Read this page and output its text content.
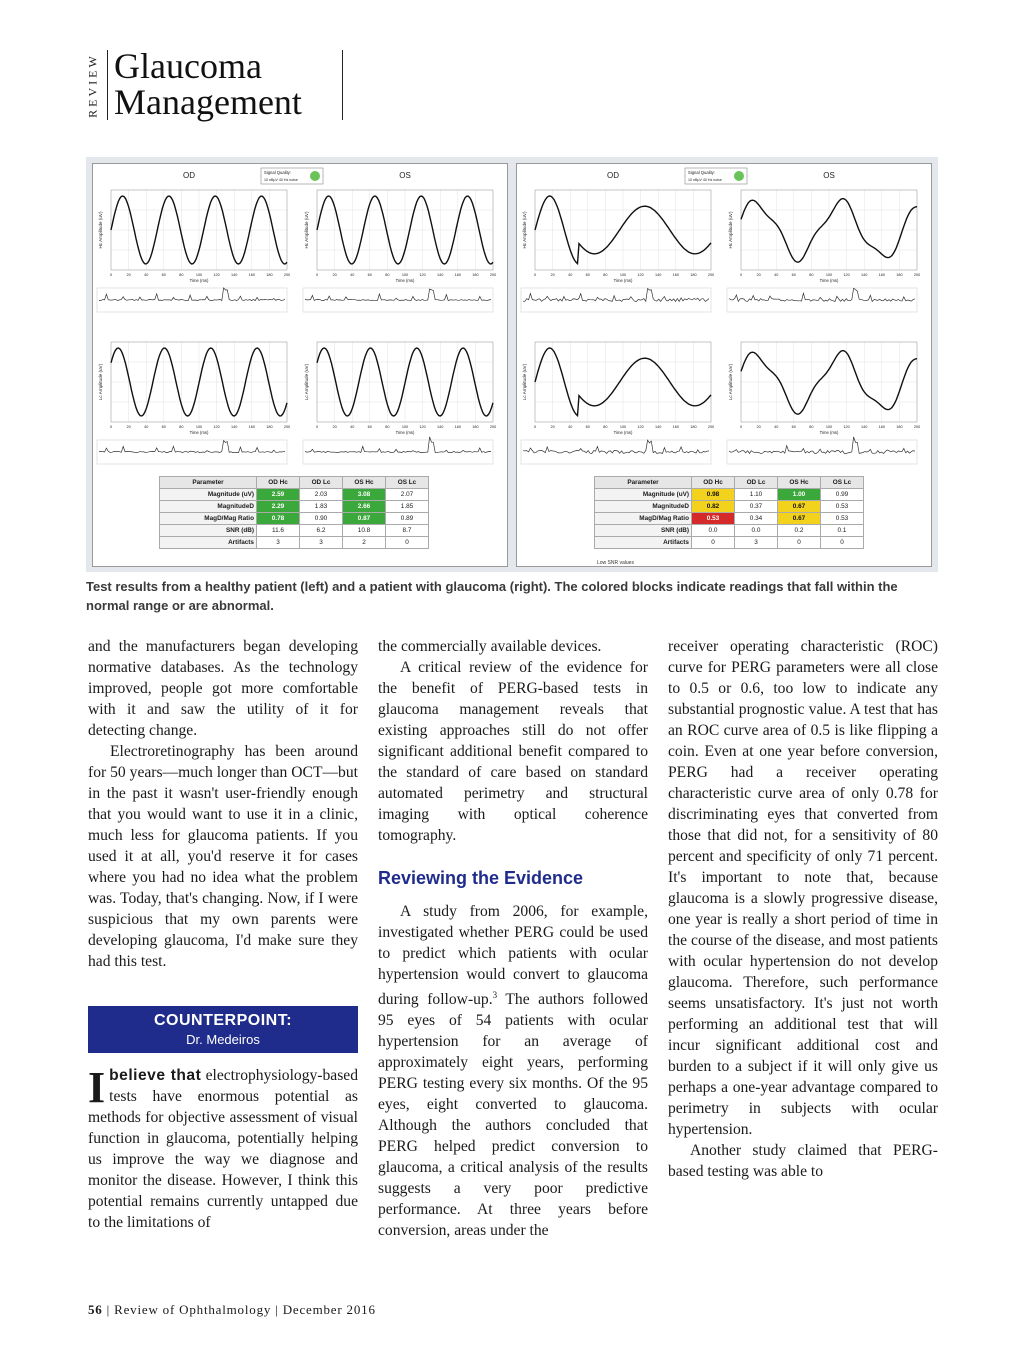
REVIEW Glaucoma
Management
OD	OS
Signal Quality:
10 nBµV 40 Hz noise
Hc Amplitude (uV)
0	20	40	60	80	100	120	140	160	180	200
Time (ms)
Hc Amplitude (uV)
0	20	40	60	80	100	120	140	160	180	200
Time (ms)
Lc Amplitude (uV)
0	20	40	60	80	100	120	140	160	180	200
Time (ms)
Lc Amplitude (uV)
0	20	40	60	80	100	120	140	160	180	200
Time (ms)
Parameter	OD Hc	OD Lc	OS Hc	OS Lc
Magnitude (uV)	2.59	2.03	3.08	2.07
MagnitudeD	2.29	1.83	2.66	1.85
MagD/Mag Ratio	0.78	0.90	0.87	0.89
SNR (dB)	11.6	6.2	10.8	8.7
Artifacts	3	3	2	0
OD	OS
Signal Quality:
10 nBµV 40 Hz noise
Hc Amplitude (uV)
0	20	40	60	80	100	120	140	160	180	200
Time (ms)
Hc Amplitude (uV)
0	20	40	60	80	100	120	140	160	180	200
Time (ms)
Lc Amplitude (uV)
0	20	40	60	80	100	120	140	160	180	200
Time (ms)
Lc Amplitude (uV)
0	20	40	60	80	100	120	140	160	180	200
Time (ms)
Parameter	OD Hc	OD Lc	OS Hc	OS Lc
Magnitude (uV)	0.98	1.10	1.00	0.99
MagnitudeD	0.82	0.37	0.67	0.53
MagD/Mag Ratio	0.53	0.34	0.67	0.53
SNR (dB)	0.0	0.0	0.2	0.1
Artifacts	0	3	0	0
Low SNR values
Test results from a healthy patient (left) and a patient with glaucoma (right). The colored blocks indicate readings that fall within the normal range or are abnormal.

and the manufacturers began developing normative databases. As the technology improved, people got more comfortable with it and saw the utility of it for detecting change.

Electroretinography has been around for 50 years—much longer than OCT—but in the past it wasn't user-friendly enough that you would want to use it in a clinic, much less for glaucoma patients. If you used it at all, you'd reserve it for cases where you had no idea what the problem was. Today, that's changing. Now, if I were suspicious that my own parents were developing glaucoma, I'd make sure they had this test.

COUNTERPOINT:
Dr. Medeiros

Ibelieve that electrophysiology-based tests have enormous potential as methods for objective assessment of visual function in glaucoma, potentially helping us improve the way we diagnose and monitor the disease. However, I think this potential remains currently untapped due to the limitations of

the commercially available devices.

A critical review of the evidence for the benefit of PERG-based tests in glaucoma management reveals that existing approaches still do not offer significant additional benefit compared to the standard of care based on standard automated perimetry and structural imaging with optical coherence tomography.

Reviewing the Evidence

A study from 2006, for example, investigated whether PERG could be used to predict which patients with ocular hypertension would convert to glaucoma during follow-up.$^3$ The authors followed 95 eyes of 54 patients with ocular hypertension for an average of approximately eight years, performing PERG testing every six months. Of the 95 eyes, eight converted to glaucoma. Although the authors concluded that PERG helped predict conversion to glaucoma, a critical analysis of the results suggests a very poor predictive performance. At three years before conversion, areas under the

receiver operating characteristic (ROC) curve for PERG parameters were all close to 0.5 or 0.6, too low to indicate any substantial prognostic value. A test that has an ROC curve area of 0.5 is like flipping a coin. Even at one year before conversion, PERG had a receiver operating characteristic curve area of only 0.78 for discriminating eyes that converted from those that did not, for a sensitivity of 80 percent and specificity of only 71 percent. It's important to note that, because glaucoma is a slowly progressive disease, one year is really a short period of time in the course of the disease, and most patients with ocular hypertension do not develop glaucoma. Therefore, such performance seems unsatisfactory. It's just not worth performing an additional test that will incur significant additional cost and burden to a subject if it will only give us perhaps a one-year advantage compared to perimetry in subjects with ocular hypertension.

Another study claimed that PERG-based testing was able to

56 | Review of Ophthalmology | December 2016
